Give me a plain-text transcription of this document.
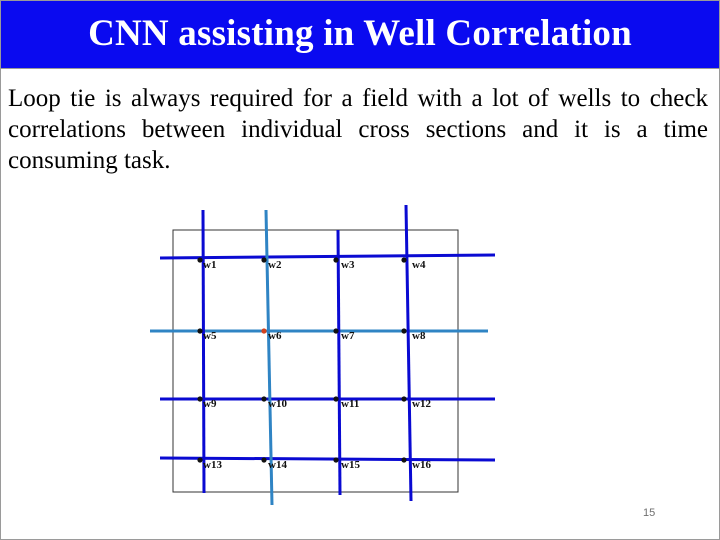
CNN assisting in Well Correlation
Loop tie is always required for a field with a lot of wells to check correlations between individual cross sections and it is a time consuming task.
w1	w2	w3	w4
w5	w6	w7	w8
w9	w10	w11	w12
w13	w14	w15	w16
15
